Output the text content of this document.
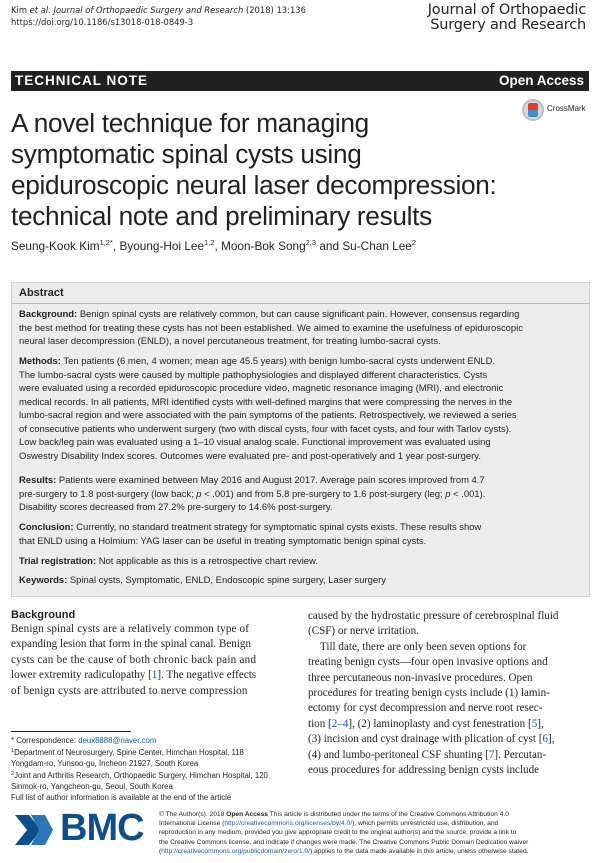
Kim et al. Journal of Orthopaedic Surgery and Research (2018) 13:136
https://doi.org/10.1186/s13018-018-0849-3
Journal of Orthopaedic
Surgery and Research
TECHNICAL NOTE	Open Access
CrossMark
A novel technique for managing
symptomatic spinal cysts using
epiduroscopic neural laser decompression:
technical note and preliminary results
Seung-Kook Kim$^{1,2*}$, Byoung-Hoi Lee$^{1,2}$, Moon-Bok Song$^{2,3}$ and Su-Chan Lee$^2$
Abstract
Background: Benign spinal cysts are relatively common, but can cause significant pain. However, consensus regarding
the best method for treating these cysts has not been established. We aimed to examine the usefulness of epiduroscopic
neural laser decompression (ENLD), a novel percutaneous treatment, for treating lumbo-sacral cysts.
Methods: Ten patients (6 men, 4 women; mean age 45.5 years) with benign lumbo-sacral cysts underwent ENLD.
The lumbo-sacral cysts were caused by multiple pathophysiologies and displayed different characteristics. Cysts
were evaluated using a recorded epiduroscopic procedure video, magnetic resonance imaging (MRI), and electronic
medical records. In all patients, MRI identified cysts with well-defined margins that were compressing the nerves in the
lumbo-sacral region and were associated with the pain symptoms of the patients. Retrospectively, we reviewed a series
of consecutive patients who underwent surgery (two with discal cysts, four with facet cysts, and four with Tarlov cysts).
Low back/leg pain was evaluated using a 1–10 visual analog scale. Functional improvement was evaluated using
Oswestry Disability Index scores. Outcomes were evaluated pre- and post-operatively and 1 year post-surgery.
Results: Patients were examined between May 2016 and August 2017. Average pain scores improved from 4.7
pre-surgery to 1.8 post-surgery (low back; p < .001) and from 5.8 pre-surgery to 1.6 post-surgery (leg; p < .001).
Disability scores decreased from 27.2% pre-surgery to 14.6% post-surgery.
Conclusion: Currently, no standard treatment strategy for symptomatic spinal cysts exists. These results show
that ENLD using a Holmium: YAG laser can be useful in treating symptomatic benign spinal cysts.
Trial registration: Not applicable as this is a retrospective chart review.
Keywords: Spinal cysts, Symptomatic, ENLD, Endoscopic spine surgery, Laser surgery
Background
Benign spinal cysts are a relatively common type of
expanding lesion that form in the spinal canal. Benign
cysts can be the cause of both chronic back pain and
lower extremity radiculopathy [1]. The negative effects
of benign cysts are attributed to nerve compression
caused by the hydrostatic pressure of cerebrospinal fluid
(CSF) or nerve irritation.
Till date, there are only been seven options for
treating benign cysts—four open invasive options and
three percutaneous non-invasive procedures. Open
procedures for treating benign cysts include (1) lamin-
ectomy for cyst decompression and nerve root resec-
tion [2–4], (2) laminoplasty and cyst fenestration [5],
(3) incision and cyst drainage with plication of cyst [6],
(4) and lumbo-peritoneal CSF shunting [7]. Percutan-
eous procedures for addressing benign cysts include
* Correspondence: deux8888@naver.com
$^1$Department of Neurosurgery, Spine Center, Himchan Hospital, 118
Yongdam-ro, Yunsoo-gu, Incheon 21927, South Korea
$^2$Joint and Arthritis Research, Orthopaedic Surgery, Himchan Hospital, 120
Sinmok-ro, Yangcheon-gu, Seoul, South Korea
Full list of author information is available at the end of the article
BMC © The Author(s). 2018 Open Access This article is distributed under the terms of the Creative Commons Attribution 4.0
International License (http://creativecommons.org/licenses/by/4.0/), which permits unrestricted use, distribution, and
reproduction in any medium, provided you give appropriate credit to the original author(s) and the source, provide a link to
the Creative Commons license, and indicate if changes were made. The Creative Commons Public Domain Dedication waiver
(http://creativecommons.org/publicdomain/zero/1.0/) applies to the data made available in this article, unless otherwise stated.
